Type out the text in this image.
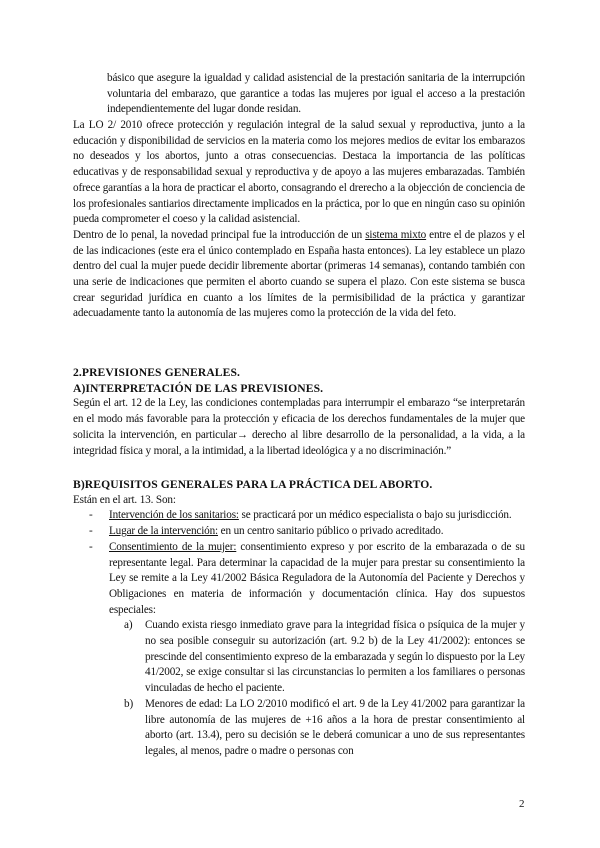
básico que asegure la igualdad y calidad asistencial de la prestación sanitaria de la interrupción voluntaria del embarazo, que garantice a todas las mujeres por igual el acceso a la prestación independientemente del lugar donde residan.

La LO 2/ 2010 ofrece protección y regulación integral de la salud sexual y reproductiva, junto a la educación y disponibilidad de servicios en la materia como los mejores medios de evitar los embarazos no deseados y los abortos, junto a otras consecuencias. Destaca la importancia de las políticas educativas y de responsabilidad sexual y reproductiva y de apoyo a las mujeres embarazadas. También ofrece garantías a la hora de practicar el aborto, consagrando el drerecho a la objección de conciencia de los profesionales santiarios directamente implicados en la práctica, por lo que en ningún caso su opinión pueda comprometer el coeso y la calidad asistencial.

Dentro de lo penal, la novedad principal fue la introducción de un sistema mixto entre el de plazos y el de las indicaciones (este era el único contemplado en España hasta entonces). La ley establece un plazo dentro del cual la mujer puede decidir libremente abortar (primeras 14 semanas), contando también con una serie de indicaciones que permiten el aborto cuando se supera el plazo. Con este sistema se busca crear seguridad jurídica en cuanto a los límites de la permisibilidad de la práctica y garantizar adecuadamente tanto la autonomía de las mujeres como la protección de la vida del feto.

2.PREVISIONES GENERALES.
A)INTERPRETACIÓN DE LAS PREVISIONES.

Según el art. 12 de la Ley, las condiciones contempladas para interrumpir el embarazo “se interpretarán en el modo más favorable para la protección y eficacia de los derechos fundamentales de la mujer que solicita la intervención, en particular→ derecho al libre desarrollo de la personalidad, a la vida, a la integridad física y moral, a la intimidad, a la libertad ideológica y a no discriminación.”

B)REQUISITOS GENERALES PARA LA PRÁCTICA DEL ABORTO.

Están en el art. 13. Son:

- Intervención de los sanitarios: se practicará por un médico especialista o bajo su jurisdicción.

- Lugar de la intervención: en un centro sanitario público o privado acreditado.

- Consentimiento de la mujer: consentimiento expreso y por escrito de la embarazada o de su representante legal. Para determinar la capacidad de la mujer para prestar su consentimiento la Ley se remite a la Ley 41/2002 Básica Reguladora de la Autonomía del Paciente y Derechos y Obligaciones en materia de información y documentación clínica. Hay dos supuestos especiales:

a) Cuando exista riesgo inmediato grave para la integridad física o psíquica de la mujer y no sea posible conseguir su autorización (art. 9.2 b) de la Ley 41/2002): entonces se prescinde del consentimiento expreso de la embarazada y según lo dispuesto por la Ley 41/2002, se exige consultar si las circunstancias lo permiten a los familiares o personas vinculadas de hecho el paciente.

b) Menores de edad: La LO 2/2010 modificó el art. 9 de la Ley 41/2002 para garantizar la libre autonomía de las mujeres de +16 años a la hora de prestar consentimiento al aborto (art. 13.4), pero su decisión se le deberá comunicar a uno de sus representantes legales, al menos, padre o madre o personas con

2
